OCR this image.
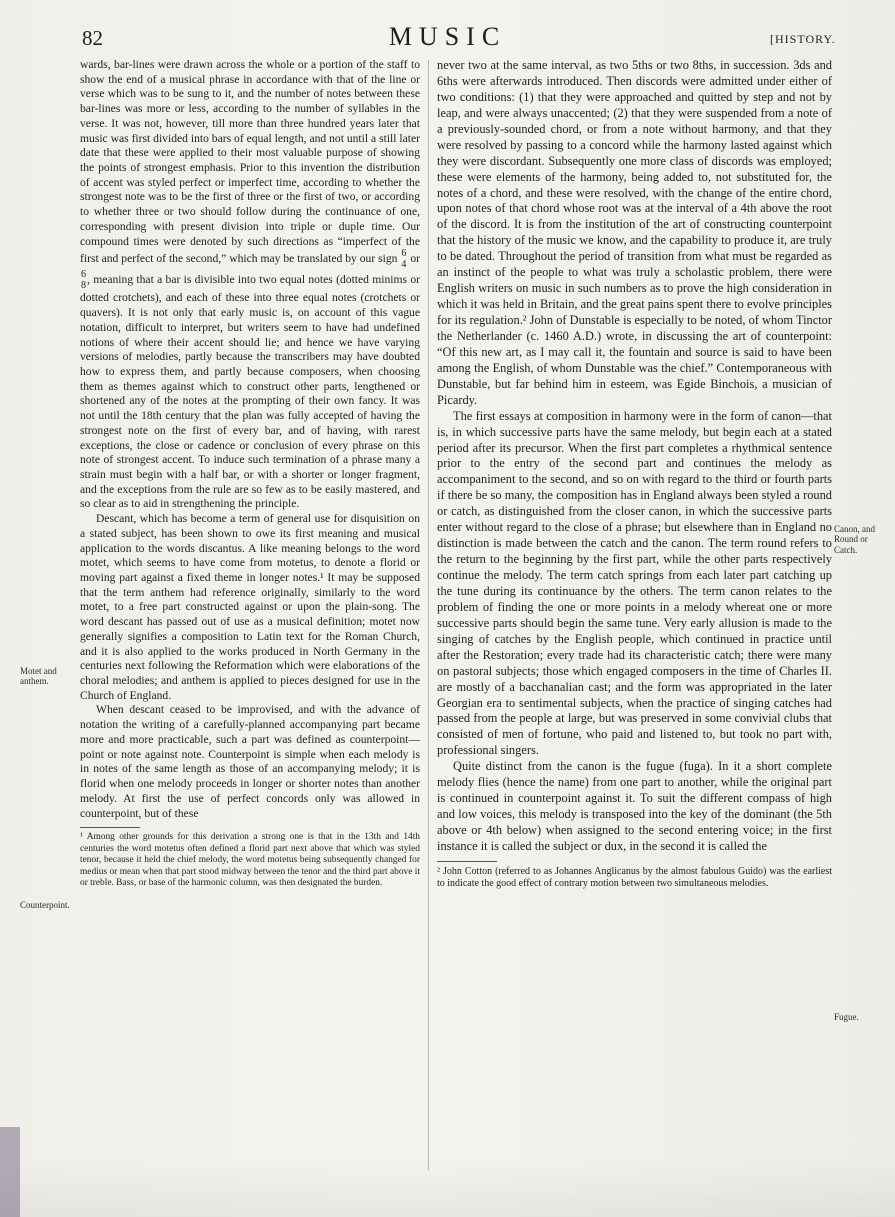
82	MUSIC	[HISTORY.

wards, bar-lines were drawn across the whole or a portion of the staff to show the end of a musical phrase in accordance with that of the line or verse which was to be sung to it, and the number of notes between these bar-lines was more or less, according to the number of syllables in the verse. It was not, however, till more than three hundred years later that music was first divided into bars of equal length, and not until a still later date that these were applied to their most valuable purpose of showing the points of strongest emphasis. Prior to this invention the distribution of accent was styled perfect or imperfect time, according to whether the strongest note was to be the first of three or the first of two, or according to whether three or two should follow during the continuance of one, corresponding with present division into triple or duple time. Our compound times were denoted by such directions as “imperfect of the first and perfect of the second,” which may be translated by our sign 6
4 or
6
8 , meaning that a bar is divisible into two equal notes (dotted minims or dotted crotchets), and each of these into three equal notes (crotchets or quavers). It is not only that early music is, on account of this vague notation, difficult to interpret, but writers seem to have had undefined notions of where their accent should lie; and hence we have varying versions of melodies, partly because the transcribers may have doubted how to express them, and partly because composers, when choosing them as themes against which to construct other parts, lengthened or shortened any of the notes at the prompting of their own fancy. It was not until the 18th century that the plan was fully accepted of having the strongest note on the first of every bar, and of having, with rarest exceptions, the close or cadence or conclusion of every phrase on this note of strongest accent. To induce such termination of a phrase many a strain must begin with a half bar, or with a shorter or longer fragment, and the exceptions from the rule are so few as to be easily mastered, and so clear as to aid in strengthening the principle.

Descant, which has become a term of general use for disquisition on a stated subject, has been shown to owe its first meaning and musical application to the words discantus. A like meaning belongs to the word motet, which seems to have come from motetus, to denote a florid or moving part against a fixed theme in longer notes.¹ It may be supposed that the term anthem had reference originally, similarly to the word motet, to a free part constructed against or upon the plain-song. The word descant has passed out of use as a musical definition; motet now generally signifies a composition to Latin text for the Roman Church, and it is also applied to the works produced in North Germany in the centuries next following the Reformation which were elaborations of the choral melodies; and anthem is applied to pieces designed for use in the Church of England.

When descant ceased to be improvised, and with the advance of notation the writing of a carefully-planned accompanying part became more and more practicable, such a part was defined as counterpoint—point or note against note. Counterpoint is simple when each melody is in notes of the same length as those of an accompanying melody; it is florid when one melody proceeds in longer or shorter notes than another melody. At first the use of perfect concords only was allowed in counterpoint, but of these

¹ Among other grounds for this derivation a strong one is that in the 13th and 14th centuries the word motetus often defined a florid part next above that which was styled tenor, because it held the chief melody, the word motetus being subsequently changed for medius or mean when that part stood midway between the tenor and the third part above it or treble. Bass, or base of the harmonic column, was then designated the burden.

never two at the same interval, as two 5ths or two 8ths, in succession. 3ds and 6ths were afterwards introduced. Then discords were admitted under either of two conditions: (1) that they were approached and quitted by step and not by leap, and were always unaccented; (2) that they were suspended from a note of a previously-sounded chord, or from a note without harmony, and that they were resolved by passing to a concord while the harmony lasted against which they were discordant. Subsequently one more class of discords was employed; these were elements of the harmony, being added to, not substituted for, the notes of a chord, and these were resolved, with the change of the entire chord, upon notes of that chord whose root was at the interval of a 4th above the root of the discord. It is from the institution of the art of constructing counterpoint that the history of the music we know, and the capability to produce it, are truly to be dated. Throughout the period of transition from what must be regarded as an instinct of the people to what was truly a scholastic problem, there were English writers on music in such numbers as to prove the high consideration in which it was held in Britain, and the great pains spent there to evolve principles for its regulation.² John of Dunstable is especially to be noted, of whom Tinctor the Netherlander (c. 1460 A.D.) wrote, in discussing the art of counterpoint: “Of this new art, as I may call it, the fountain and source is said to have been among the English, of whom Dunstable was the chief.” Contemporaneous with Dunstable, but far behind him in esteem, was Egide Binchois, a musician of Picardy.

The first essays at composition in harmony were in the form of canon—that is, in which successive parts have the same melody, but begin each at a stated period after its precursor. When the first part completes a rhythmical sentence prior to the entry of the second part and continues the melody as accompaniment to the second, and so on with regard to the third or fourth parts if there be so many, the composition has in England always been styled a round or catch, as distinguished from the closer canon, in which the successive parts enter without regard to the close of a phrase; but elsewhere than in England no distinction is made between the catch and the canon. The term round refers to the return to the beginning by the first part, while the other parts respectively continue the melody. The term catch springs from each later part catching up the tune during its continuance by the others. The term canon relates to the problem of finding the one or more points in a melody whereat one or more successive parts should begin the same tune. Very early allusion is made to the singing of catches by the English people, which continued in practice until after the Restoration; every trade had its characteristic catch; there were many on pastoral subjects; those which engaged composers in the time of Charles II. are mostly of a bacchanalian cast; and the form was appropriated in the later Georgian era to sentimental subjects, when the practice of singing catches had passed from the people at large, but was preserved in some convivial clubs that consisted of men of fortune, who paid and listened to, but took no part with, professional singers.

Quite distinct from the canon is the fugue (fuga). In it a short complete melody flies (hence the name) from one part to another, while the original part is continued in counterpoint against it. To suit the different compass of high and low voices, this melody is transposed into the key of the dominant (the 5th above or 4th below) when assigned to the second entering voice; in the first instance it is called the subject or dux, in the second it is called the

² John Cotton (referred to as Johannes Anglicanus by the almost fabulous Guido) was the earliest to indicate the good effect of contrary motion between two simultaneous melodies.

Motet and anthem.
Counterpoint.
Canon, and Round or Catch.
Fugue.
